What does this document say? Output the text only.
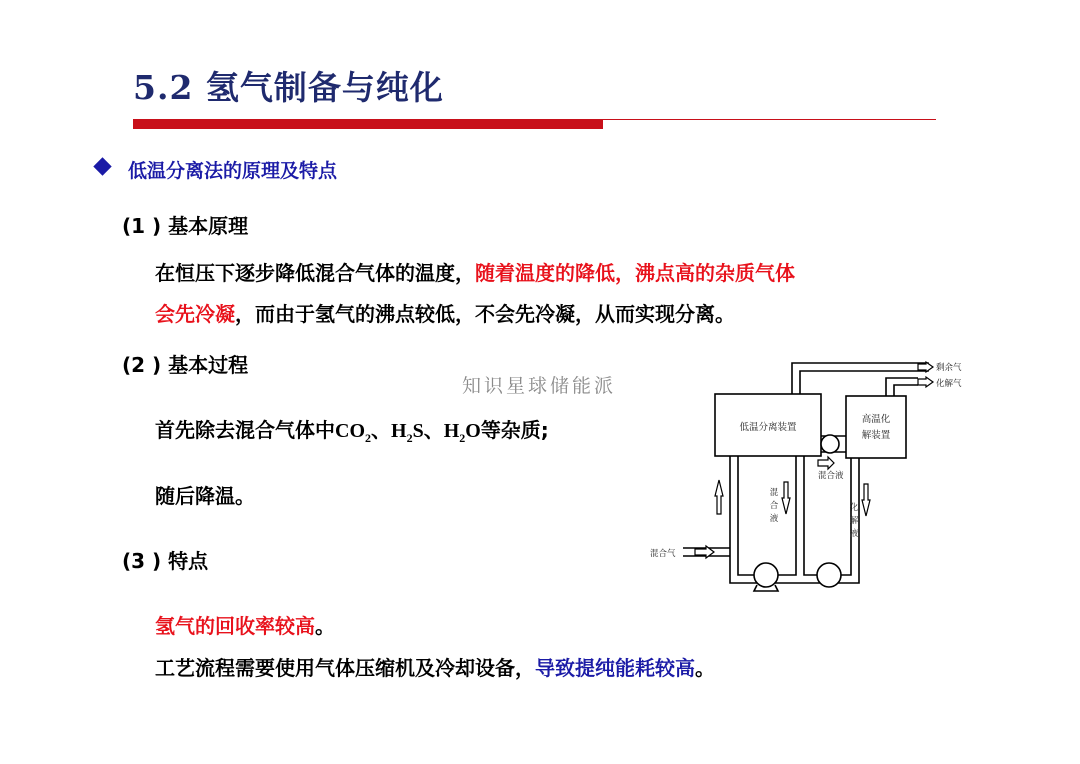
5.2 氢气制备与纯化
低温分离法的原理及特点
(1 ) 基本原理
在恒压下逐步降低混合气体的温度，随着温度的降低，沸点高的杂质气体
会先冷凝，而由于氢气的沸点较低，不会先冷凝，从而实现分离。
(2 ) 基本过程
知识星球储能派
首先除去混合气体中$CO_2$、$H_2S$、$H_2O$等杂质;
随后降温。
(3 ) 特点
氢气的回收率较高。
工艺流程需要使用气体压缩机及冷却设备，导致提纯能耗较高。
低温分离装置
高温化
解装置
剩余气
化解气
混合液
混
合
液
化
解
液
混合气
